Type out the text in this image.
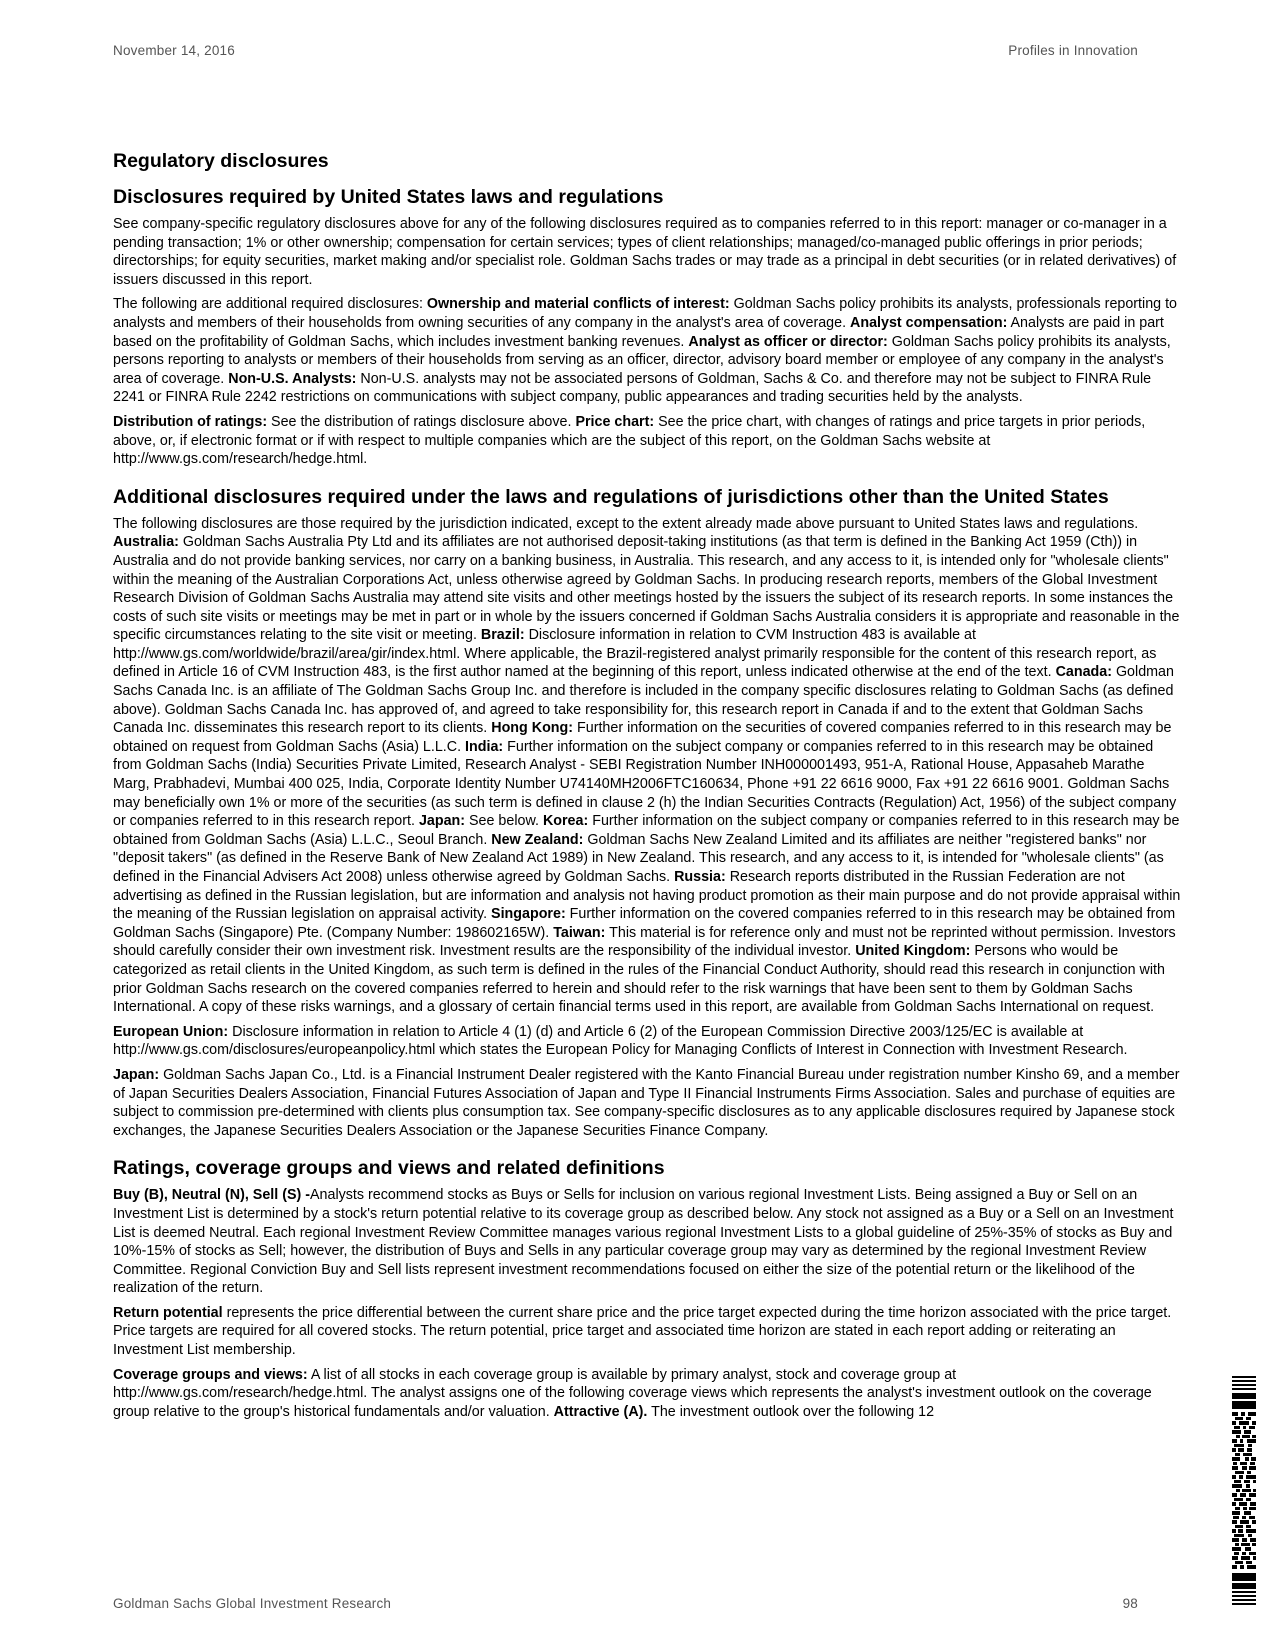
November 14, 2016	Profiles in Innovation
Regulatory disclosures
Disclosures required by United States laws and regulations

See company-specific regulatory disclosures above for any of the following disclosures required as to companies referred to in this report: manager or co-manager in a pending transaction; 1% or other ownership; compensation for certain services; types of client relationships; managed/co-managed public offerings in prior periods; directorships; for equity securities, market making and/or specialist role. Goldman Sachs trades or may trade as a principal in debt securities (or in related derivatives) of issuers discussed in this report.

The following are additional required disclosures: Ownership and material conflicts of interest: Goldman Sachs policy prohibits its analysts, professionals reporting to analysts and members of their households from owning securities of any company in the analyst's area of coverage. Analyst compensation: Analysts are paid in part based on the profitability of Goldman Sachs, which includes investment banking revenues. Analyst as officer or director: Goldman Sachs policy prohibits its analysts, persons reporting to analysts or members of their households from serving as an officer, director, advisory board member or employee of any company in the analyst's area of coverage. Non-U.S. Analysts: Non-U.S. analysts may not be associated persons of Goldman, Sachs & Co. and therefore may not be subject to FINRA Rule 2241 or FINRA Rule 2242 restrictions on communications with subject company, public appearances and trading securities held by the analysts.

Distribution of ratings: See the distribution of ratings disclosure above. Price chart: See the price chart, with changes of ratings and price targets in prior periods, above, or, if electronic format or if with respect to multiple companies which are the subject of this report, on the Goldman Sachs website at http://www.gs.com/research/hedge.html.

Additional disclosures required under the laws and regulations of jurisdictions other than the United States

The following disclosures are those required by the jurisdiction indicated, except to the extent already made above pursuant to United States laws and regulations. Australia: Goldman Sachs Australia Pty Ltd and its affiliates are not authorised deposit-taking institutions (as that term is defined in the Banking Act 1959 (Cth)) in Australia and do not provide banking services, nor carry on a banking business, in Australia. This research, and any access to it, is intended only for "wholesale clients" within the meaning of the Australian Corporations Act, unless otherwise agreed by Goldman Sachs. In producing research reports, members of the Global Investment Research Division of Goldman Sachs Australia may attend site visits and other meetings hosted by the issuers the subject of its research reports. In some instances the costs of such site visits or meetings may be met in part or in whole by the issuers concerned if Goldman Sachs Australia considers it is appropriate and reasonable in the specific circumstances relating to the site visit or meeting. Brazil: Disclosure information in relation to CVM Instruction 483 is available at http://www.gs.com/worldwide/brazil/area/gir/index.html. Where applicable, the Brazil-registered analyst primarily responsible for the content of this research report, as defined in Article 16 of CVM Instruction 483, is the first author named at the beginning of this report, unless indicated otherwise at the end of the text. Canada: Goldman Sachs Canada Inc. is an affiliate of The Goldman Sachs Group Inc. and therefore is included in the company specific disclosures relating to Goldman Sachs (as defined above). Goldman Sachs Canada Inc. has approved of, and agreed to take responsibility for, this research report in Canada if and to the extent that Goldman Sachs Canada Inc. disseminates this research report to its clients. Hong Kong: Further information on the securities of covered companies referred to in this research may be obtained on request from Goldman Sachs (Asia) L.L.C. India: Further information on the subject company or companies referred to in this research may be obtained from Goldman Sachs (India) Securities Private Limited, Research Analyst - SEBI Registration Number INH000001493, 951-A, Rational House, Appasaheb Marathe Marg, Prabhadevi, Mumbai 400 025, India, Corporate Identity Number U74140MH2006FTC160634, Phone +91 22 6616 9000, Fax +91 22 6616 9001. Goldman Sachs may beneficially own 1% or more of the securities (as such term is defined in clause 2 (h) the Indian Securities Contracts (Regulation) Act, 1956) of the subject company or companies referred to in this research report. Japan: See below. Korea: Further information on the subject company or companies referred to in this research may be obtained from Goldman Sachs (Asia) L.L.C., Seoul Branch. New Zealand: Goldman Sachs New Zealand Limited and its affiliates are neither "registered banks" nor "deposit takers" (as defined in the Reserve Bank of New Zealand Act 1989) in New Zealand. This research, and any access to it, is intended for "wholesale clients" (as defined in the Financial Advisers Act 2008) unless otherwise agreed by Goldman Sachs. Russia: Research reports distributed in the Russian Federation are not advertising as defined in the Russian legislation, but are information and analysis not having product promotion as their main purpose and do not provide appraisal within the meaning of the Russian legislation on appraisal activity. Singapore: Further information on the covered companies referred to in this research may be obtained from Goldman Sachs (Singapore) Pte. (Company Number: 198602165W). Taiwan: This material is for reference only and must not be reprinted without permission. Investors should carefully consider their own investment risk. Investment results are the responsibility of the individual investor. United Kingdom: Persons who would be categorized as retail clients in the United Kingdom, as such term is defined in the rules of the Financial Conduct Authority, should read this research in conjunction with prior Goldman Sachs research on the covered companies referred to herein and should refer to the risk warnings that have been sent to them by Goldman Sachs International. A copy of these risks warnings, and a glossary of certain financial terms used in this report, are available from Goldman Sachs International on request.

European Union: Disclosure information in relation to Article 4 (1) (d) and Article 6 (2) of the European Commission Directive 2003/125/EC is available at http://www.gs.com/disclosures/europeanpolicy.html which states the European Policy for Managing Conflicts of Interest in Connection with Investment Research.

Japan: Goldman Sachs Japan Co., Ltd. is a Financial Instrument Dealer registered with the Kanto Financial Bureau under registration number Kinsho 69, and a member of Japan Securities Dealers Association, Financial Futures Association of Japan and Type II Financial Instruments Firms Association. Sales and purchase of equities are subject to commission pre-determined with clients plus consumption tax. See company-specific disclosures as to any applicable disclosures required by Japanese stock exchanges, the Japanese Securities Dealers Association or the Japanese Securities Finance Company.

Ratings, coverage groups and views and related definitions

Buy (B), Neutral (N), Sell (S) -Analysts recommend stocks as Buys or Sells for inclusion on various regional Investment Lists. Being assigned a Buy or Sell on an Investment List is determined by a stock's return potential relative to its coverage group as described below. Any stock not assigned as a Buy or a Sell on an Investment List is deemed Neutral. Each regional Investment Review Committee manages various regional Investment Lists to a global guideline of 25%-35% of stocks as Buy and 10%-15% of stocks as Sell; however, the distribution of Buys and Sells in any particular coverage group may vary as determined by the regional Investment Review Committee. Regional Conviction Buy and Sell lists represent investment recommendations focused on either the size of the potential return or the likelihood of the realization of the return.

Return potential represents the price differential between the current share price and the price target expected during the time horizon associated with the price target. Price targets are required for all covered stocks. The return potential, price target and associated time horizon are stated in each report adding or reiterating an Investment List membership.

Coverage groups and views: A list of all stocks in each coverage group is available by primary analyst, stock and coverage group at http://www.gs.com/research/hedge.html. The analyst assigns one of the following coverage views which represents the analyst's investment outlook on the coverage group relative to the group's historical fundamentals and/or valuation. Attractive (A). The investment outlook over the following 12

Goldman Sachs Global Investment Research	98
